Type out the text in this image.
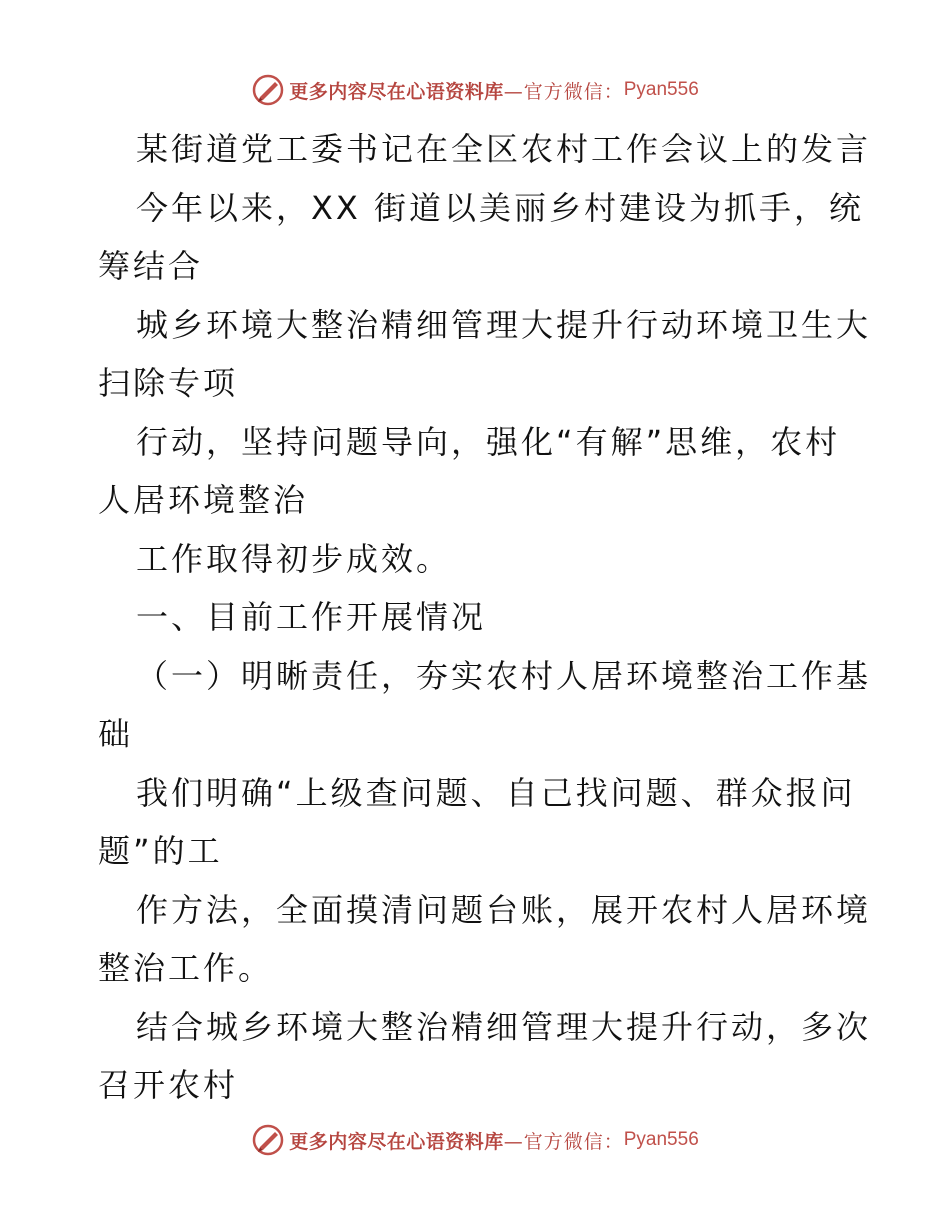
更多内容尽在心语资料库 —官方微信： Pyan556
某街道党工委书记在全区农村工作会议上的发言
今年以来，XX 街道以美丽乡村建设为抓手，统
筹结合
城乡环境大整治精细管理大提升行动环境卫生大
扫除专项
行动，坚持问题导向，强化“有解”思维，农村
人居环境整治
工作取得初步成效。
一、目前工作开展情况
（一）明晰责任，夯实农村人居环境整治工作基
础
我们明确“上级查问题、自己找问题、群众报问
题”的工
作方法，全面摸清问题台账，展开农村人居环境
整治工作。
结合城乡环境大整治精细管理大提升行动，多次
召开农村
更多内容尽在心语资料库 —官方微信： Pyan556
